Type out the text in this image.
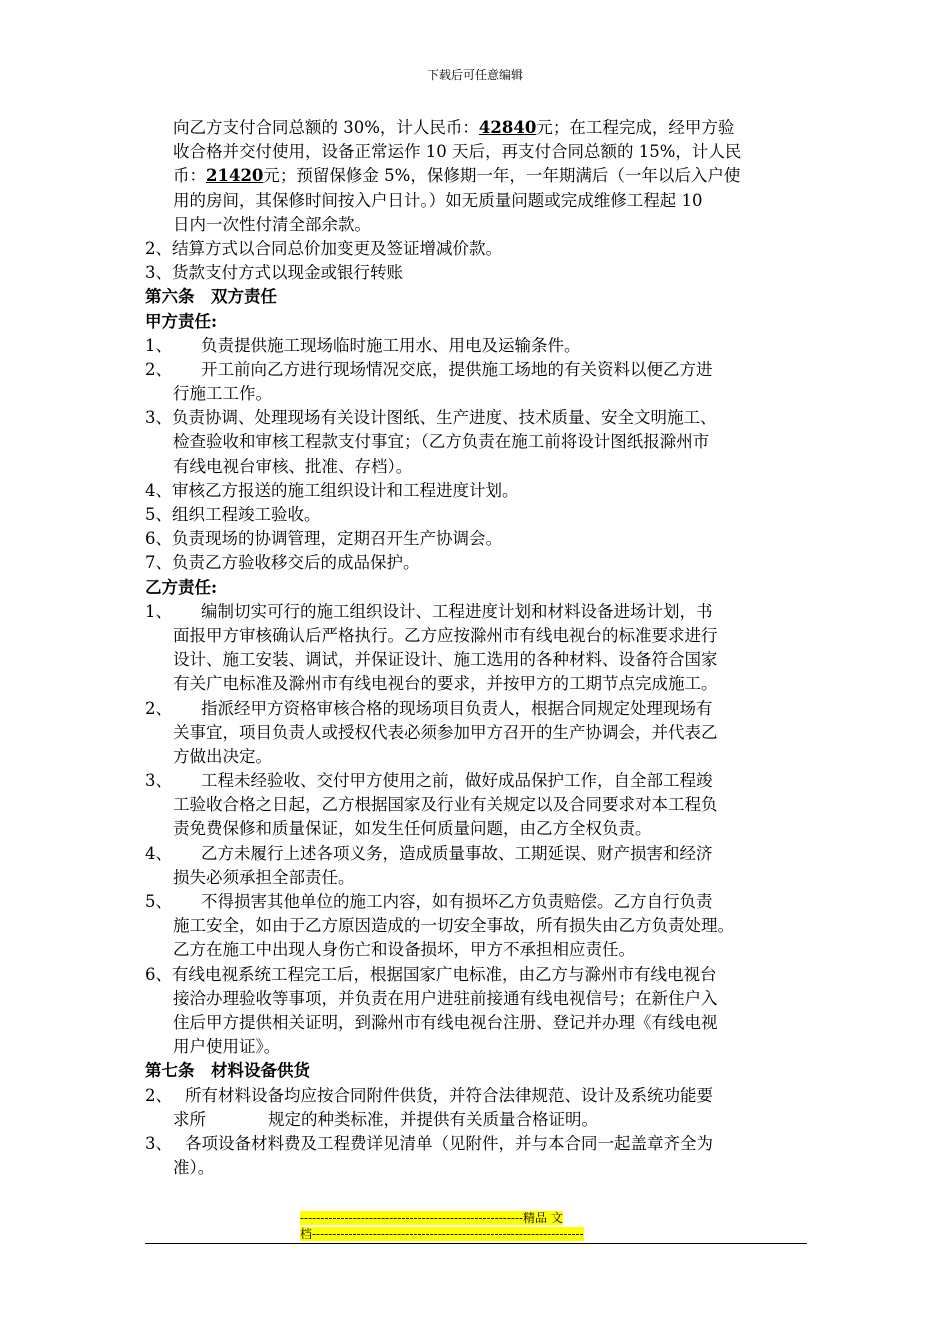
下载后可任意编辑
向乙方支付合同总额的 30%，计人民币：42840元；在工程完成，经甲方验
收合格并交付使用，设备正常运作 10 天后，再支付合同总额的 15%，计人民
币：21420元；预留保修金 5%，保修期一年，一年期满后（一年以后入户使
用的房间，其保修时间按入户日计。）如无质量问题或完成维修工程起 10
日内一次性付清全部余款。
2、结算方式以合同总价加变更及签证增减价款。
3、货款支付方式以现金或银行转账
第六条　双方责任
甲方责任:
1、 负责提供施工现场临时施工用水、用电及运输条件。
2、 开工前向乙方进行现场情况交底，提供施工场地的有关资料以便乙方进
行施工工作。
3、负责协调、处理现场有关设计图纸、生产进度、技术质量、安全文明施工、
检查验收和审核工程款支付事宜；（乙方负责在施工前将设计图纸报滁州市
有线电视台审核、批准、存档）。
4、审核乙方报送的施工组织设计和工程进度计划。
5、组织工程竣工验收。
6、负责现场的协调管理，定期召开生产协调会。
7、负责乙方验收移交后的成品保护。
乙方责任:
1、 编制切实可行的施工组织设计、工程进度计划和材料设备进场计划，书
面报甲方审核确认后严格执行。乙方应按滁州市有线电视台的标准要求进行
设计、施工安装、调试，并保证设计、施工选用的各种材料、设备符合国家
有关广电标准及滁州市有线电视台的要求，并按甲方的工期节点完成施工。
2、 指派经甲方资格审核合格的现场项目负责人，根据合同规定处理现场有
关事宜，项目负责人或授权代表必须参加甲方召开的生产协调会，并代表乙
方做出决定。
3、 工程未经验收、交付甲方使用之前，做好成品保护工作，自全部工程竣
工验收合格之日起，乙方根据国家及行业有关规定以及合同要求对本工程负
责免费保修和质量保证，如发生任何质量问题，由乙方全权负责。
4、 乙方未履行上述各项义务，造成质量事故、工期延误、财产损害和经济
损失必须承担全部责任。
5、 不得损害其他单位的施工内容，如有损坏乙方负责赔偿。乙方自行负责
施工安全，如由于乙方原因造成的一切安全事故，所有损失由乙方负责处理。
乙方在施工中出现人身伤亡和设备损坏，甲方不承担相应责任。
6、有线电视系统工程完工后，根据国家广电标准，由乙方与滁州市有线电视台
接洽办理验收等事项，并负责在用户进驻前接通有线电视信号；在新住户入
住后甲方提供相关证明，到滁州市有线电视台注册、登记并办理《有线电视
用户使用证》。
第七条　材料设备供货
2、 所有材料设备均应按合同附件供货，并符合法律规范、设计及系统功能要
求所	规定的种类标准，并提供有关质量合格证明。
3、 各项设备材料费及工程费详见清单（见附件，并与本合同一起盖章齐全为
准）。
-------------------------------------------------------精品 文
档-------------------------------------------------------------------
